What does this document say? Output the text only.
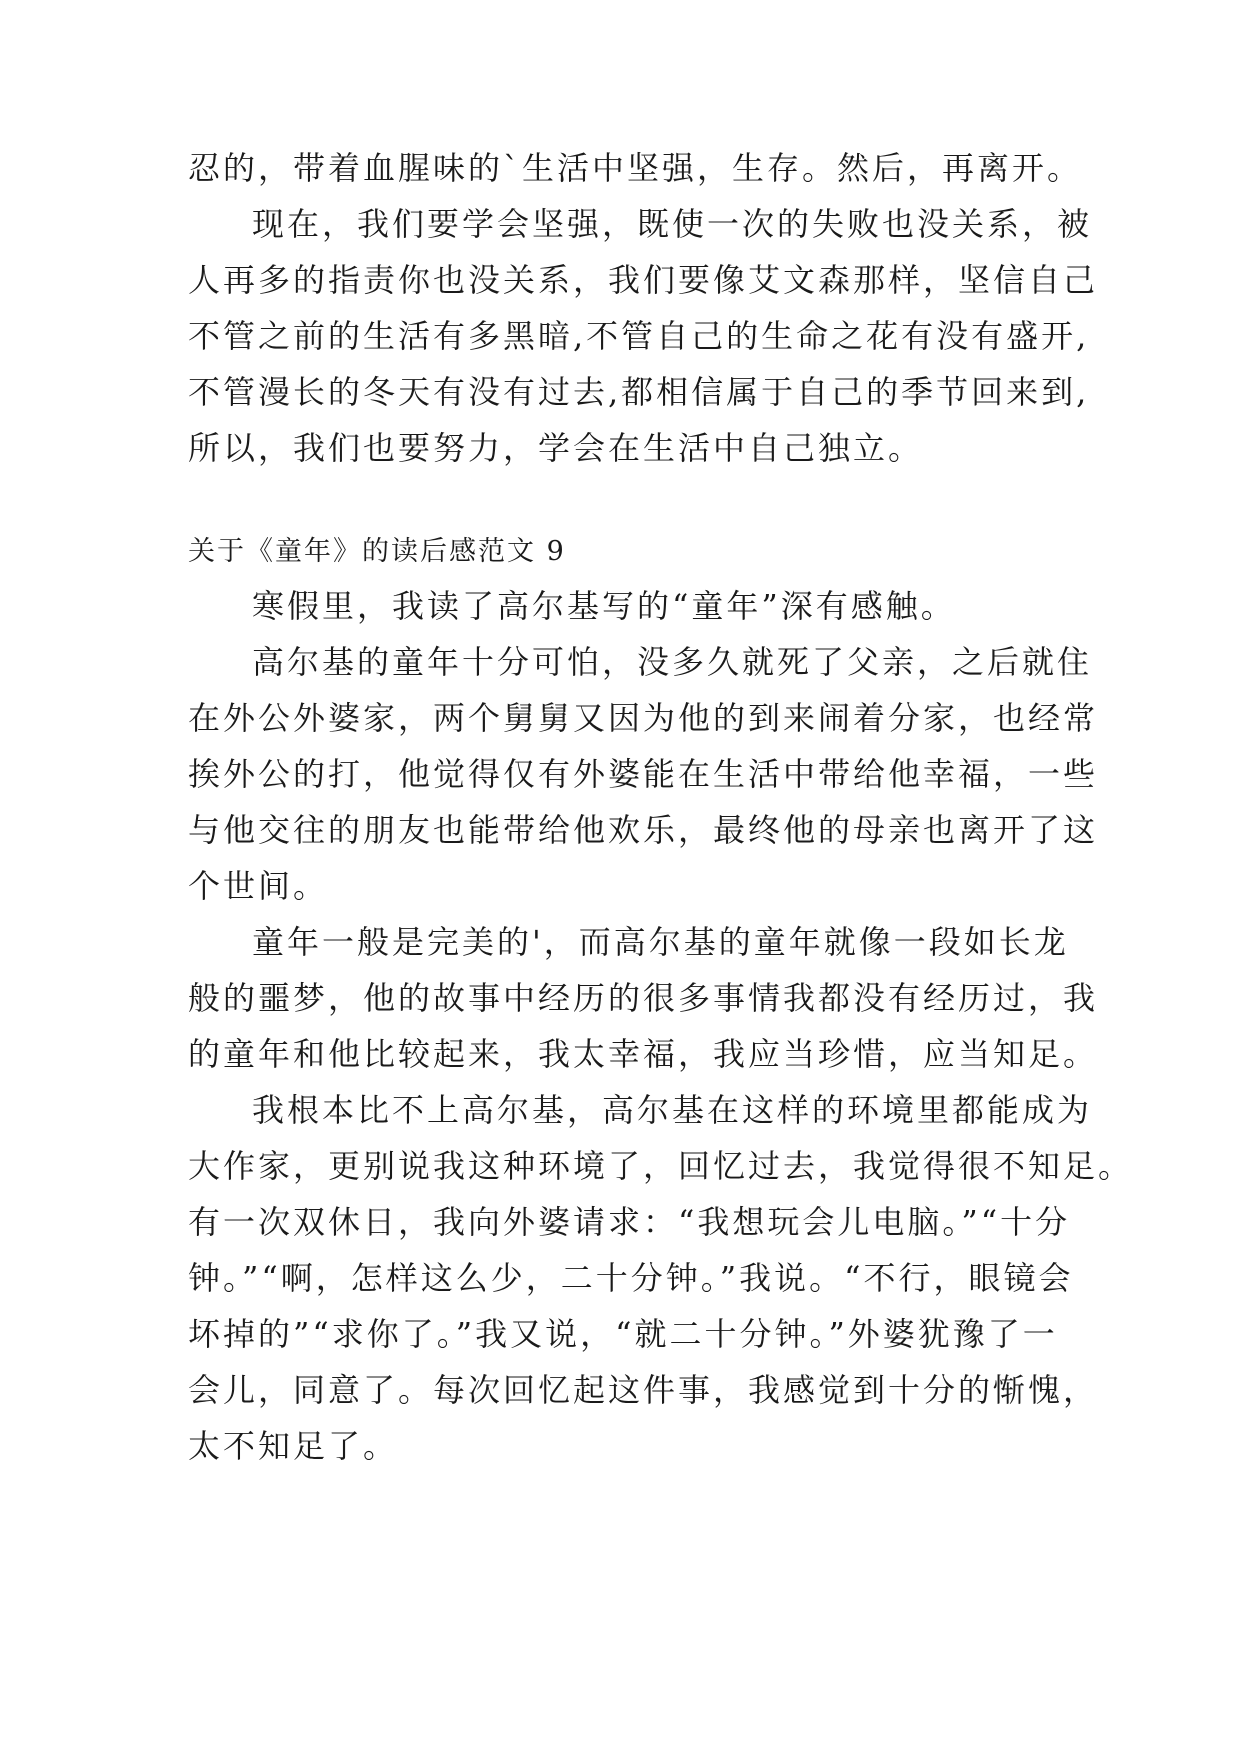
忍的，带着血腥味的`生活中坚强，生存。然后，再离开。
现在，我们要学会坚强，既使一次的失败也没关系，被
人再多的指责你也没关系，我们要像艾文森那样，坚信自己
不管之前的生活有多黑暗,不管自己的生命之花有没有盛开,
不管漫长的冬天有没有过去,都相信属于自己的季节回来到,
所以，我们也要努力，学会在生活中自己独立。
关于《童年》的读后感范文 9
寒假里，我读了高尔基写的“童年”深有感触。
高尔基的童年十分可怕，没多久就死了父亲，之后就住
在外公外婆家，两个舅舅又因为他的到来闹着分家，也经常
挨外公的打，他觉得仅有外婆能在生活中带给他幸福，一些
与他交往的朋友也能带给他欢乐，最终他的母亲也离开了这
个世间。
童年一般是完美的'，而高尔基的童年就像一段如长龙
般的噩梦，他的故事中经历的很多事情我都没有经历过，我
的童年和他比较起来，我太幸福，我应当珍惜，应当知足。
我根本比不上高尔基，高尔基在这样的环境里都能成为
大作家，更别说我这种环境了，回忆过去，我觉得很不知足。
有一次双休日，我向外婆请求：“我想玩会儿电脑。”“十分
钟。”“啊，怎样这么少，二十分钟。”我说。“不行，眼镜会
坏掉的”“求你了。”我又说，“就二十分钟。”外婆犹豫了一
会儿，同意了。每次回忆起这件事，我感觉到十分的惭愧，
太不知足了。
